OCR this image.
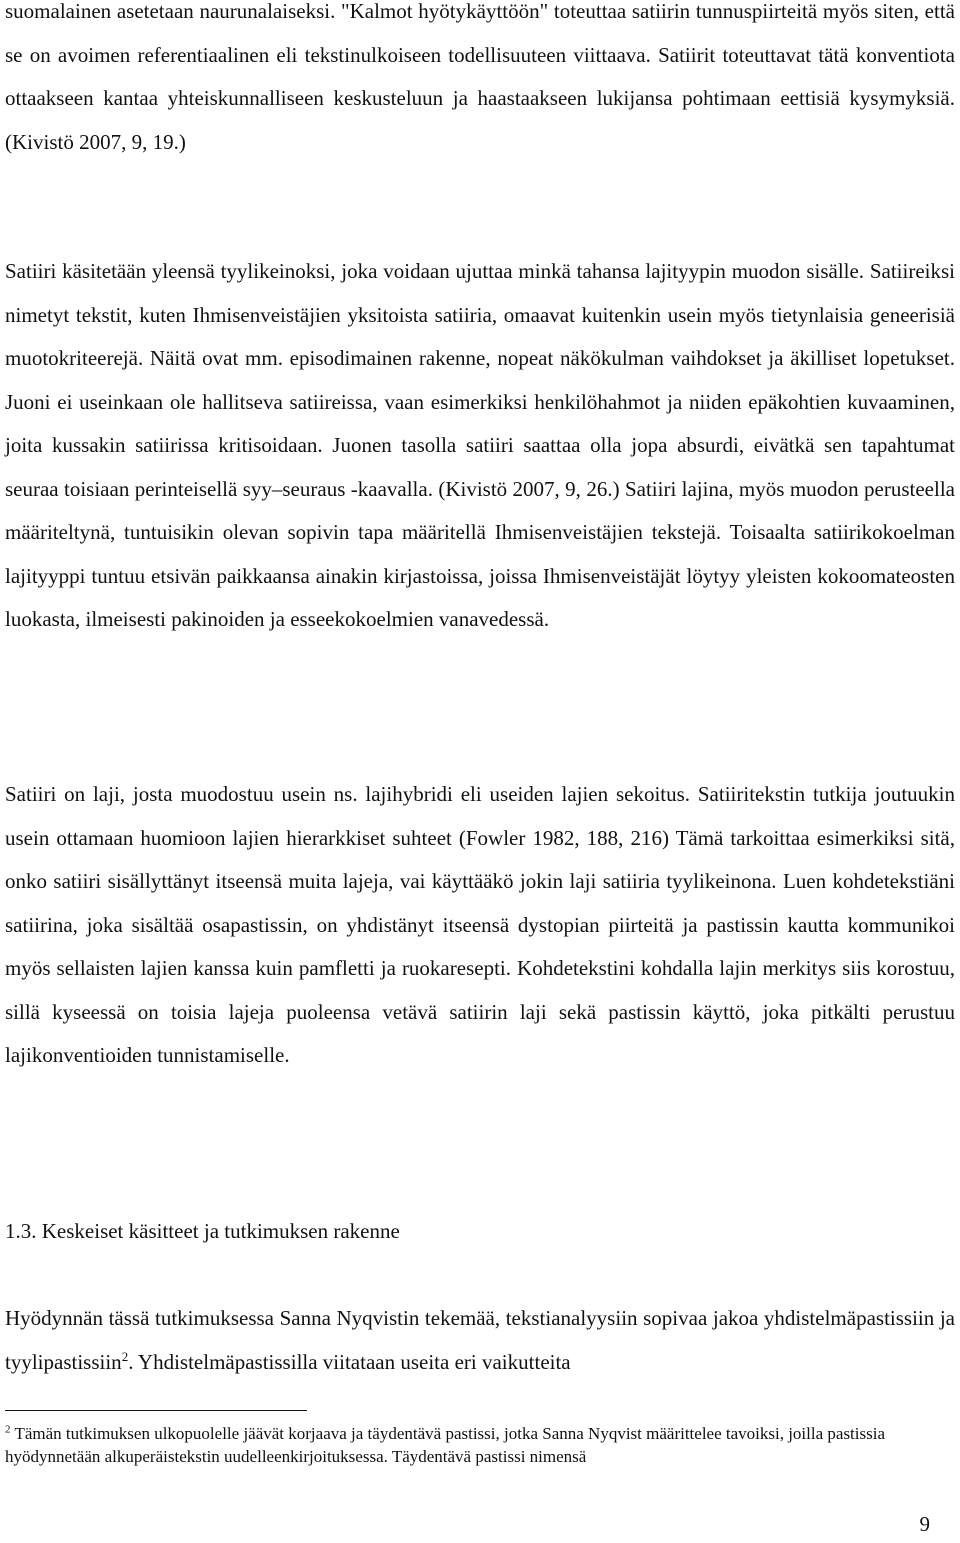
suomalainen asetetaan naurunalaiseksi. "Kalmot hyötykäyttöön" toteuttaa satiirin tunnuspiirteitä myös siten, että se on avoimen referentiaalinen eli tekstinulkoiseen todellisuuteen viittaava. Satiirit toteuttavat tätä konventiota ottaakseen kantaa yhteiskunnalliseen keskusteluun ja haastaakseen lukijansa pohtimaan eettisiä kysymyksiä. (Kivistö 2007, 9, 19.)

Satiiri käsitetään yleensä tyylikeinoksi, joka voidaan ujuttaa minkä tahansa lajityypin muodon sisälle. Satiireiksi nimetyt tekstit, kuten Ihmisenveistäjien yksitoista satiiria, omaavat kuitenkin usein myös tietynlaisia geneerisiä muotokriteerejä. Näitä ovat mm. episodimainen rakenne, nopeat näkökulman vaihdokset ja äkilliset lopetukset. Juoni ei useinkaan ole hallitseva satiireissa, vaan esimerkiksi henkilöhahmot ja niiden epäkohtien kuvaaminen, joita kussakin satiirissa kritisoidaan. Juonen tasolla satiiri saattaa olla jopa absurdi, eivätkä sen tapahtumat seuraa toisiaan perinteisellä syy–seuraus -kaavalla. (Kivistö 2007, 9, 26.) Satiiri lajina, myös muodon perusteella määriteltynä, tuntuisikin olevan sopivin tapa määritellä Ihmisenveistäjien tekstejä. Toisaalta satiirikokoelman lajityyppi tuntuu etsivän paikkaansa ainakin kirjastoissa, joissa Ihmisenveistäjät löytyy yleisten kokoomateosten luokasta, ilmeisesti pakinoiden ja esseekokoelmien vanavedessä.

Satiiri on laji, josta muodostuu usein ns. lajihybridi eli useiden lajien sekoitus. Satiiritekstin tutkija joutuukin usein ottamaan huomioon lajien hierarkkiset suhteet (Fowler 1982, 188, 216) Tämä tarkoittaa esimerkiksi sitä, onko satiiri sisällyttänyt itseensä muita lajeja, vai käyttääkö jokin laji satiiria tyylikeinona. Luen kohdetekstiäni satiirina, joka sisältää osapastissin, on yhdistänyt itseensä dystopian piirteitä ja pastissin kautta kommunikoi myös sellaisten lajien kanssa kuin pamfletti ja ruokaresepti. Kohdetekstini kohdalla lajin merkitys siis korostuu, sillä kyseessä on toisia lajeja puoleensa vetävä satiirin laji sekä pastissin käyttö, joka pitkälti perustuu lajikonventioiden tunnistamiselle.

1.3. Keskeiset käsitteet ja tutkimuksen rakenne

Hyödynnän tässä tutkimuksessa Sanna Nyqvistin tekemää, tekstianalyysiin sopivaa jakoa yhdistelmäpastissiin ja tyylipastissiin$^2$. Yhdistelmäpastissilla viitataan useita eri vaikutteita

$^2$ Tämän tutkimuksen ulkopuolelle jäävät korjaava ja täydentävä pastissi, jotka Sanna Nyqvist määrittelee tavoiksi, joilla pastissia hyödynnetään alkuperäistekstin uudelleenkirjoituksessa. Täydentävä pastissi nimensä

9
